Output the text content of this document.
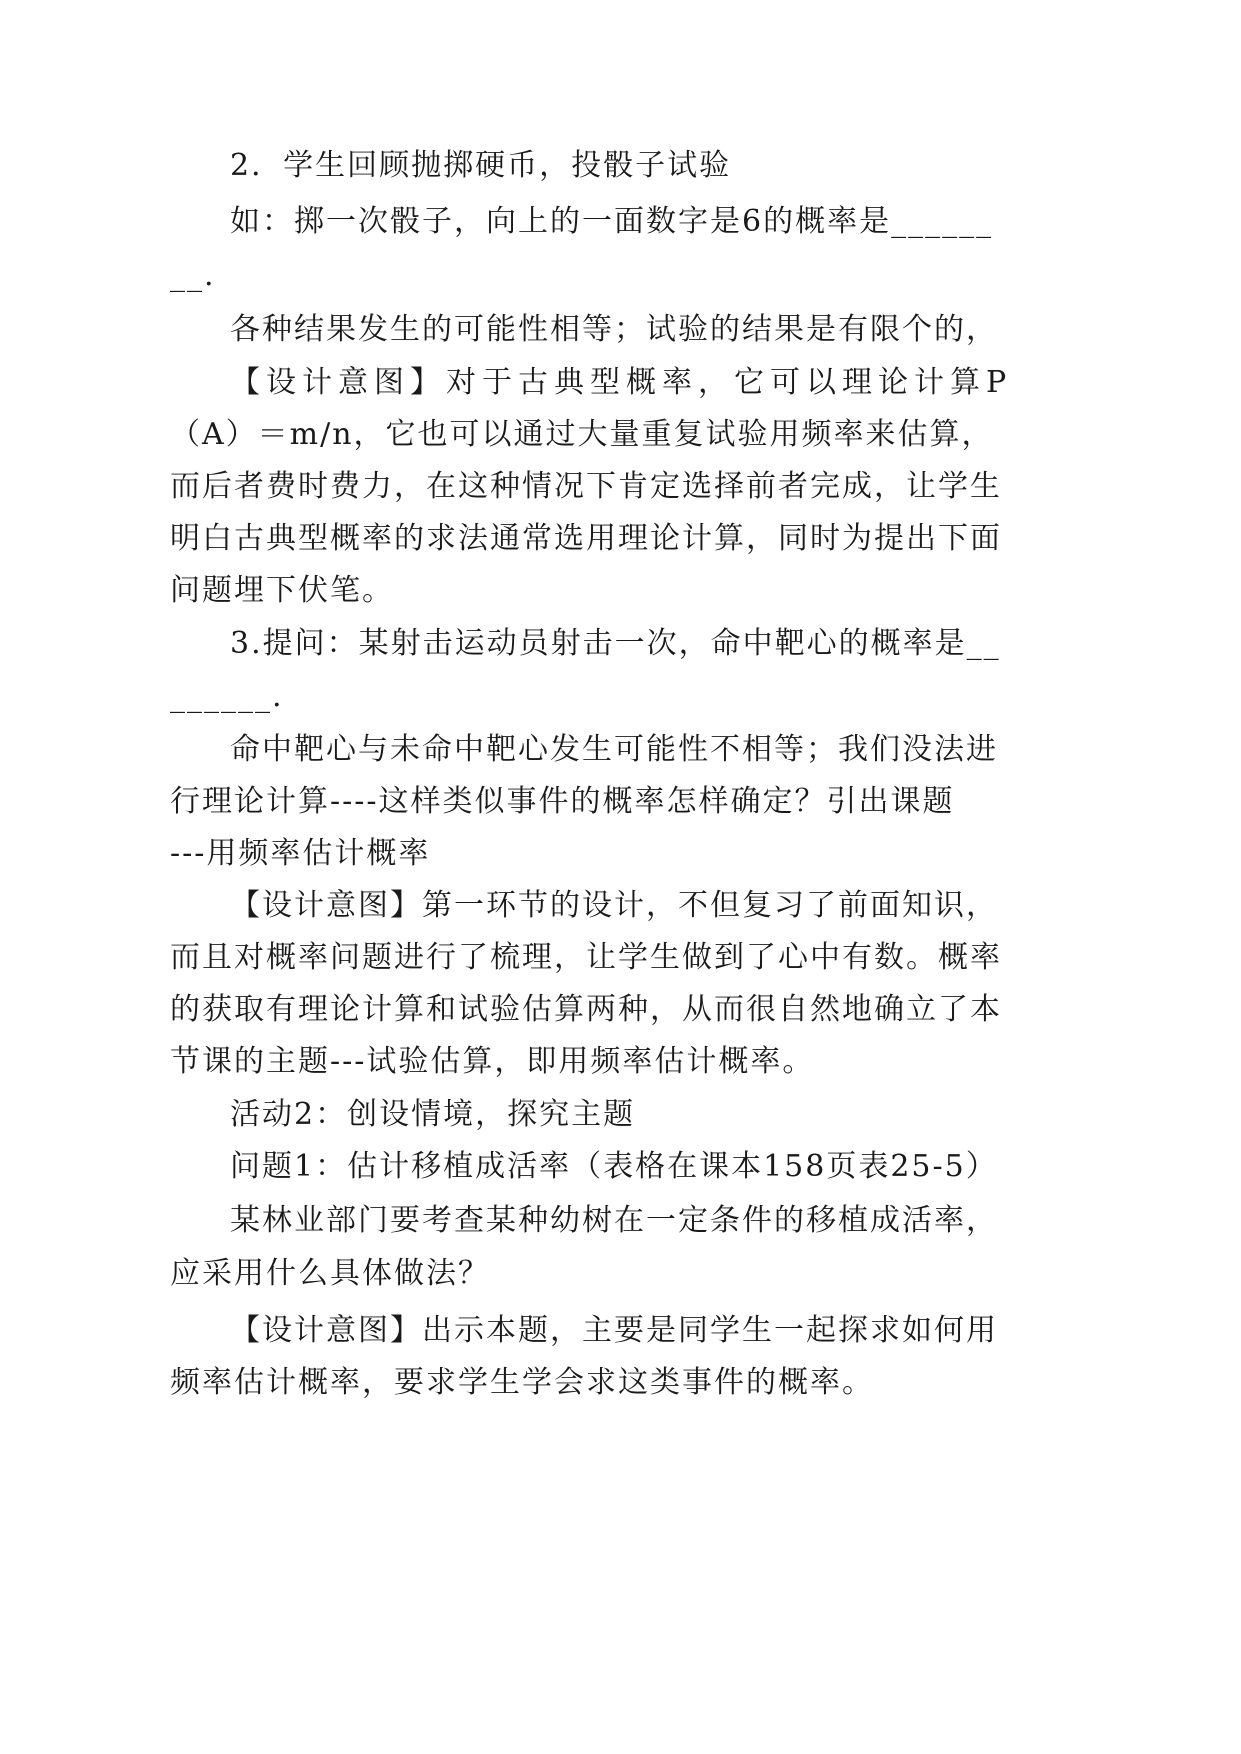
2．学生回顾抛掷硬币，投骰子试验
如：掷一次骰子，向上的一面数字是6的概率是______
__.
各种结果发生的可能性相等；试验的结果是有限个的，
【设计意图】对于古典型概率，它可以理论计算P
（A）＝m/n，它也可以通过大量重复试验用频率来估算，
而后者费时费力，在这种情况下肯定选择前者完成，让学生
明白古典型概率的求法通常选用理论计算，同时为提出下面
问题埋下伏笔。
3.提问：某射击运动员射击一次，命中靶心的概率是__
______.
命中靶心与未命中靶心发生可能性不相等；我们没法进
行理论计算----这样类似事件的概率怎样确定？引出课题
---用频率估计概率
【设计意图】第一环节的设计，不但复习了前面知识，
而且对概率问题进行了梳理，让学生做到了心中有数。概率
的获取有理论计算和试验估算两种，从而很自然地确立了本
节课的主题---试验估算，即用频率估计概率。
活动2：创设情境，探究主题
问题1：估计移植成活率（表格在课本158页表25-5）
某林业部门要考查某种幼树在一定条件的移植成活率，
应采用什么具体做法？
【设计意图】出示本题，主要是同学生一起探求如何用
频率估计概率，要求学生学会求这类事件的概率。
